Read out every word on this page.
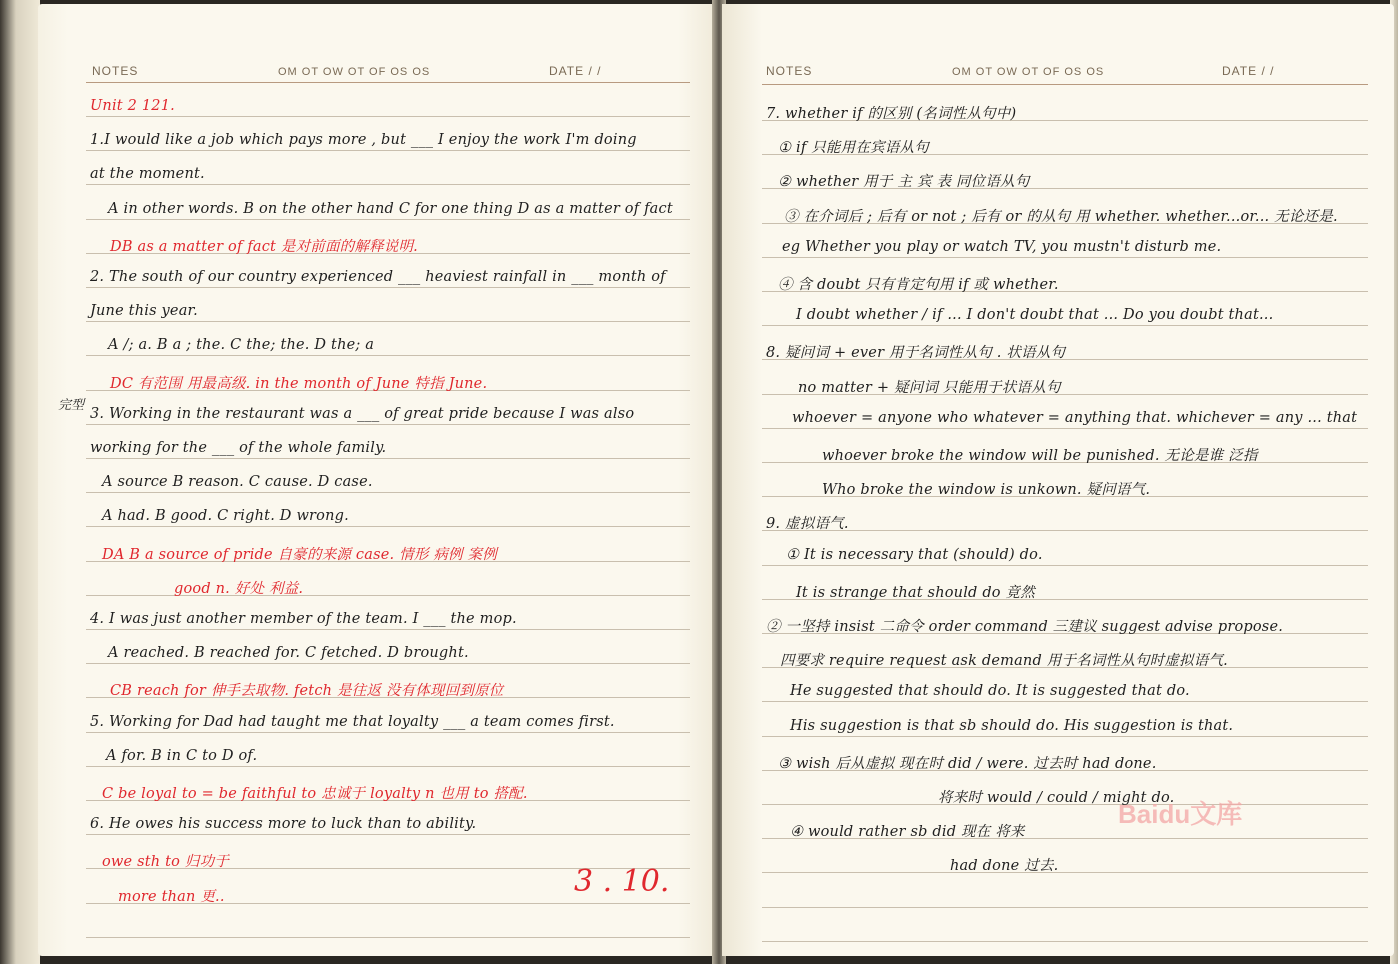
NOTES	OM OT OW OT OF OS OS	DATE / /
Unit 2 121.
1.I would like a job which pays more , but ___ I enjoy the work I'm doing
at the moment.
A in other words. B on the other hand C for one thing D as a matter of fact
DB as a matter of fact 是对前面的解释说明.
2. The south of our country experienced ___ heaviest rainfall in ___ month of
June this year.
A /; a. B a ; the. C the; the. D the; a
DC 有范围 用最高级. in the month of June 特指 June.
3. Working in the restaurant was a ___ of great pride because I was also
working for the ___ of the whole family.
A source B reason. C cause. D case.
A had. B good. C right. D wrong.
DA B a source of pride 自豪的来源 case. 情形 病例 案例
good n. 好处 利益.
4. I was just another member of the team. I ___ the mop.
A reached. B reached for. C fetched. D brought.
CB reach for 伸手去取物. fetch 是往返 没有体现回到原位
5. Working for Dad had taught me that loyalty ___ a team comes first.
A for. B in C to D of.
C be loyal to = be faithful to 忠诚于 loyalty n 也用 to 搭配.
6. He owes his success more to luck than to ability.
owe sth to 归功于
more than 更..	3 . 10.
完型
NOTES	OM OT OW OT OF OS OS	DATE / /
7. whether if 的区别 (名词性从句中)
① if 只能用在宾语从句
② whether 用于 主 宾 表 同位语从句
③ 在介词后 ; 后有 or not ; 后有 or 的从句 用 whether. whether...or... 无论还是.
eg Whether you play or watch TV, you mustn't disturb me.
④ 含 doubt 只有肯定句用 if 或 whether.
I doubt whether / if ... I don't doubt that ... Do you doubt that...
8. 疑问词 + ever 用于名词性从句 . 状语从句
no matter + 疑问词 只能用于状语从句
whoever = anyone who whatever = anything that. whichever = any ... that
whoever broke the window will be punished. 无论是谁 泛指
Who broke the window is unkown. 疑问语气.
9. 虚拟语气.
① It is necessary that (should) do.
It is strange that should do 竟然
② 一坚持 insist 二命令 order command 三建议 suggest advise propose.
四要求 require request ask demand 用于名词性从句时虚拟语气.
He suggested that should do. It is suggested that do.
His suggestion is that sb should do. His suggestion is that.
③ wish 后从虚拟 现在时 did / were. 过去时 had done.
将来时 would / could / might do.
④ would rather sb did 现在 将来
had done 过去.
Baidu文库
